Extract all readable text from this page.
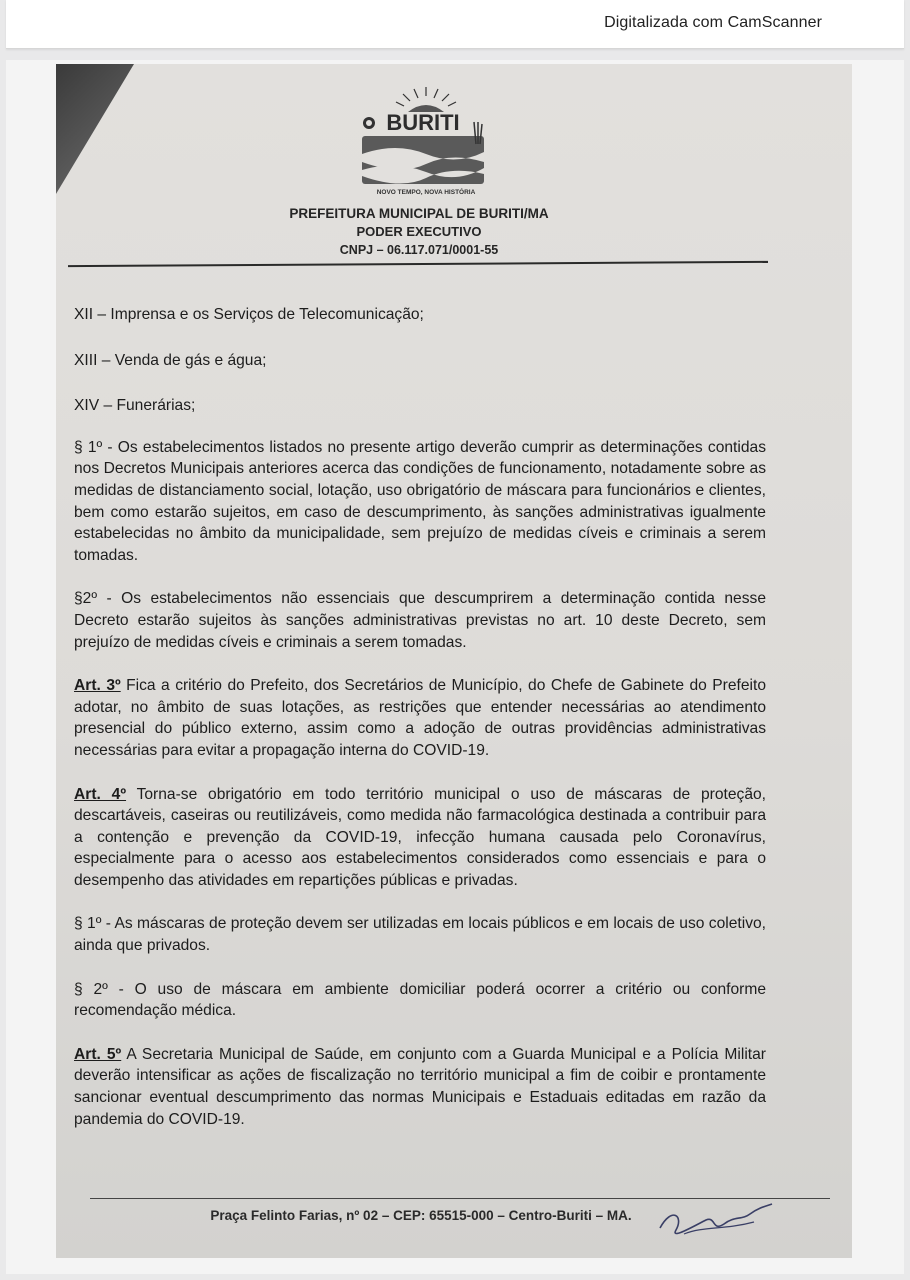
Digitalizada com CamScanner
BURITI
NOVO TEMPO, NOVA HISTÓRIA
PREFEITURA MUNICIPAL DE BURITI/MA
PODER EXECUTIVO
CNPJ – 06.117.071/0001-55

XII – Imprensa e os Serviços de Telecomunicação;

XIII – Venda de gás e água;

XIV – Funerárias;

§ 1º - Os estabelecimentos listados no presente artigo deverão cumprir as determinações contidas nos Decretos Municipais anteriores acerca das condições de funcionamento, notadamente sobre as medidas de distanciamento social, lotação, uso obrigatório de máscara para funcionários e clientes, bem como estarão sujeitos, em caso de descumprimento, às sanções administrativas igualmente estabelecidas no âmbito da municipalidade, sem prejuízo de medidas cíveis e criminais a serem tomadas.

§2º - Os estabelecimentos não essenciais que descumprirem a determinação contida nesse Decreto estarão sujeitos às sanções administrativas previstas no art. 10 deste Decreto, sem prejuízo de medidas cíveis e criminais a serem tomadas.

Art. 3º Fica a critério do Prefeito, dos Secretários de Município, do Chefe de Gabinete do Prefeito adotar, no âmbito de suas lotações, as restrições que entender necessárias ao atendimento presencial do público externo, assim como a adoção de outras providências administrativas necessárias para evitar a propagação interna do COVID-19.

Art. 4º Torna-se obrigatório em todo território municipal o uso de máscaras de proteção, descartáveis, caseiras ou reutilizáveis, como medida não farmacológica destinada a contribuir para a contenção e prevenção da COVID-19, infecção humana causada pelo Coronavírus, especialmente para o acesso aos estabelecimentos considerados como essenciais e para o desempenho das atividades em repartições públicas e privadas.

§ 1º - As máscaras de proteção devem ser utilizadas em locais públicos e em locais de uso coletivo, ainda que privados.

§ 2º - O uso de máscara em ambiente domiciliar poderá ocorrer a critério ou conforme recomendação médica.

Art. 5º A Secretaria Municipal de Saúde, em conjunto com a Guarda Municipal e a Polícia Militar deverão intensificar as ações de fiscalização no território municipal a fim de coibir e prontamente sancionar eventual descumprimento das normas Municipais e Estaduais editadas em razão da pandemia do COVID-19.

Praça Felinto Farias, nº 02 – CEP: 65515-000 – Centro-Buriti – MA.
